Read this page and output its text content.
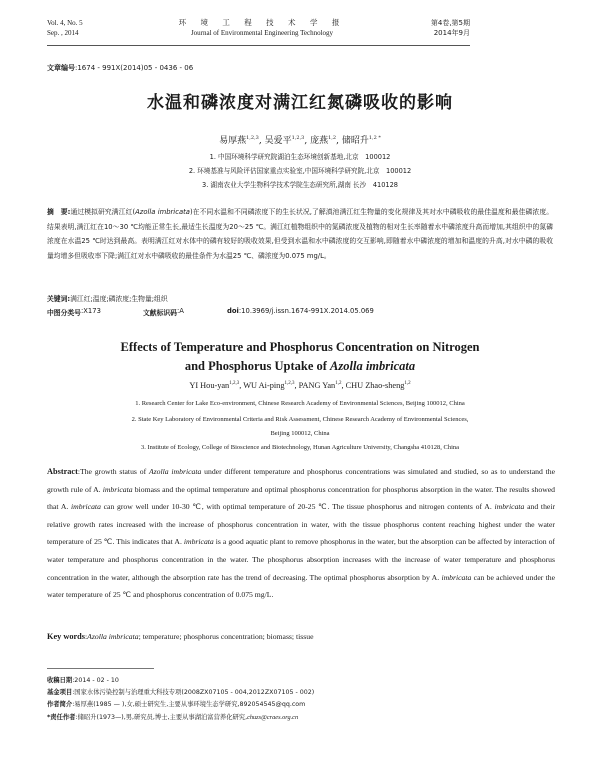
Vol. 4, No. 5
Sep. , 2014
环 境 工 程 技 术 学 报
Journal of Environmental Engineering Technology
第4卷,第5期
2014年9月
文章编号:1674 - 991X(2014)05 - 0436 - 06
水温和磷浓度对满江红氮磷吸收的影响
易厚燕$^{1,2,3}$, 吴爱平$^{1,2,3}$, 庞燕$^{1,2}$, 储昭升$^{1,2 *}$
1. 中国环境科学研究院湖泊生态环境创新基地,北京　100012
2. 环境基准与风险评估国家重点实验室,中国环境科学研究院,北京　100012
3. 湖南农业大学生物科学技术学院生态研究所,湖南 长沙　410128
摘　要:通过模拟研究满江红(Azolla imbricata)在不同水温和不同磷浓度下的生长状况,了解滇池满江红生物量的变化规律及其对水中磷吸收的最佳温度和最佳磷浓度。结果表明,满江红在10～30 ℃均能正常生长,最适生长温度为20～25 ℃。满江红植物组织中的氮磷浓度及植物的相对生长率随着水中磷浓度升高而增加,其组织中的氮磷浓度在水温25 ℃时达到最高。表明满江红对水体中的磷有较好的吸收效果,但受到水温和水中磷浓度的交互影响,即随着水中磷浓度的增加和温度的升高,对水中磷的吸收量均增多但吸收率下降;满江红对水中磷吸收的最佳条件为水温25 ℃、磷浓度为0.075 mg/L。
关键词:满江红;温度;磷浓度;生物量;组织
中图分类号 :X173	文献标识码 :A	doi :10.3969/j.issn.1674-991X.2014.05.069
Effects of Temperature and Phosphorus Concentration on Nitrogen
and Phosphorus Uptake of Azolla imbricata
YI Hou-yan$^{1,2,3}$, WU Ai-ping$^{1,2,3}$, PANG Yan$^{1,2}$, CHU Zhao-sheng$^{1,2}$
1. Research Center for Lake Eco-environment, Chinese Research Academy of Environmental Sciences, Beijing 100012, China
2. State Key Laboratory of Environmental Criteria and Risk Assessment, Chinese Research Academy of Environmental Sciences,
Beijing 100012, China
3. Institute of Ecology, College of Bioscience and Biotechnology, Hunan Agriculture University, Changsha 410128, China
Abstract:The growth status of Azolla imbricata under different temperature and phosphorus concentrations was simulated and studied, so as to understand the growth rule of A. imbricata biomass and the optimal temperature and optimal phosphorus concentration for phosphorus absorption in the water. The results showed that A. imbricata can grow well under 10-30 ℃, with optimal temperature of 20-25 ℃. The tissue phosphorus and nitrogen contents of A. imbricata and their relative growth rates increased with the increase of phosphorus concentration in water, with the tissue phosphorus content reaching highest under the water temperature of 25 ℃. This indicates that A. imbricata is a good aquatic plant to remove phosphorus in the water, but the absorption can be affected by interaction of water temperature and phosphorus concentration in the water. The phosphorus absorption increases with the increase of water temperature and phosphorus concentration in the water, although the absorption rate has the trend of decreasing. The optimal phosphorus absorption by A. imbricata can be achieved under the water temperature of 25 ℃ and phosphorus concentration of 0.075 mg/L.
Key words:Azolla imbricata; temperature; phosphorus concentration; biomass; tissue
收稿日期:2014 - 02 - 10
基金项目:国家水体污染控制与治理重大科技专项(2008ZX07105 - 004,2012ZX07105 - 002)
作者简介:易厚燕(1985 — ),女,硕士研究生,主要从事环境生态学研究,892054545@qq.com
*责任作者:储昭升(1973—),男,研究员,博士,主要从事湖泊富营养化研究,chuzs@craes.org.cn
